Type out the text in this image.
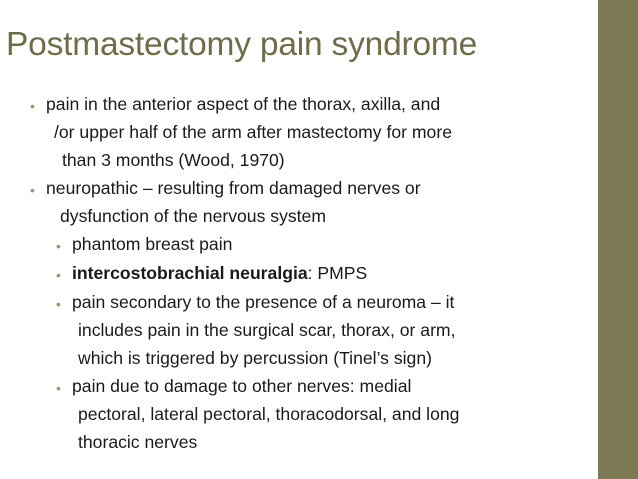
Postmastectomy pain syndrome
• pain in the anterior aspect of the thorax, axilla, and
/or upper half of the arm after mastectomy for more
than 3 months (Wood, 1970)
• neuropathic – resulting from damaged nerves or
dysfunction of the nervous system
• phantom breast pain
• intercostobrachial neuralgia: PMPS
• pain secondary to the presence of a neuroma – it
includes pain in the surgical scar, thorax, or arm,
which is triggered by percussion (Tinel’s sign)
• pain due to damage to other nerves: medial
pectoral, lateral pectoral, thoracodorsal, and long
thoracic nerves
